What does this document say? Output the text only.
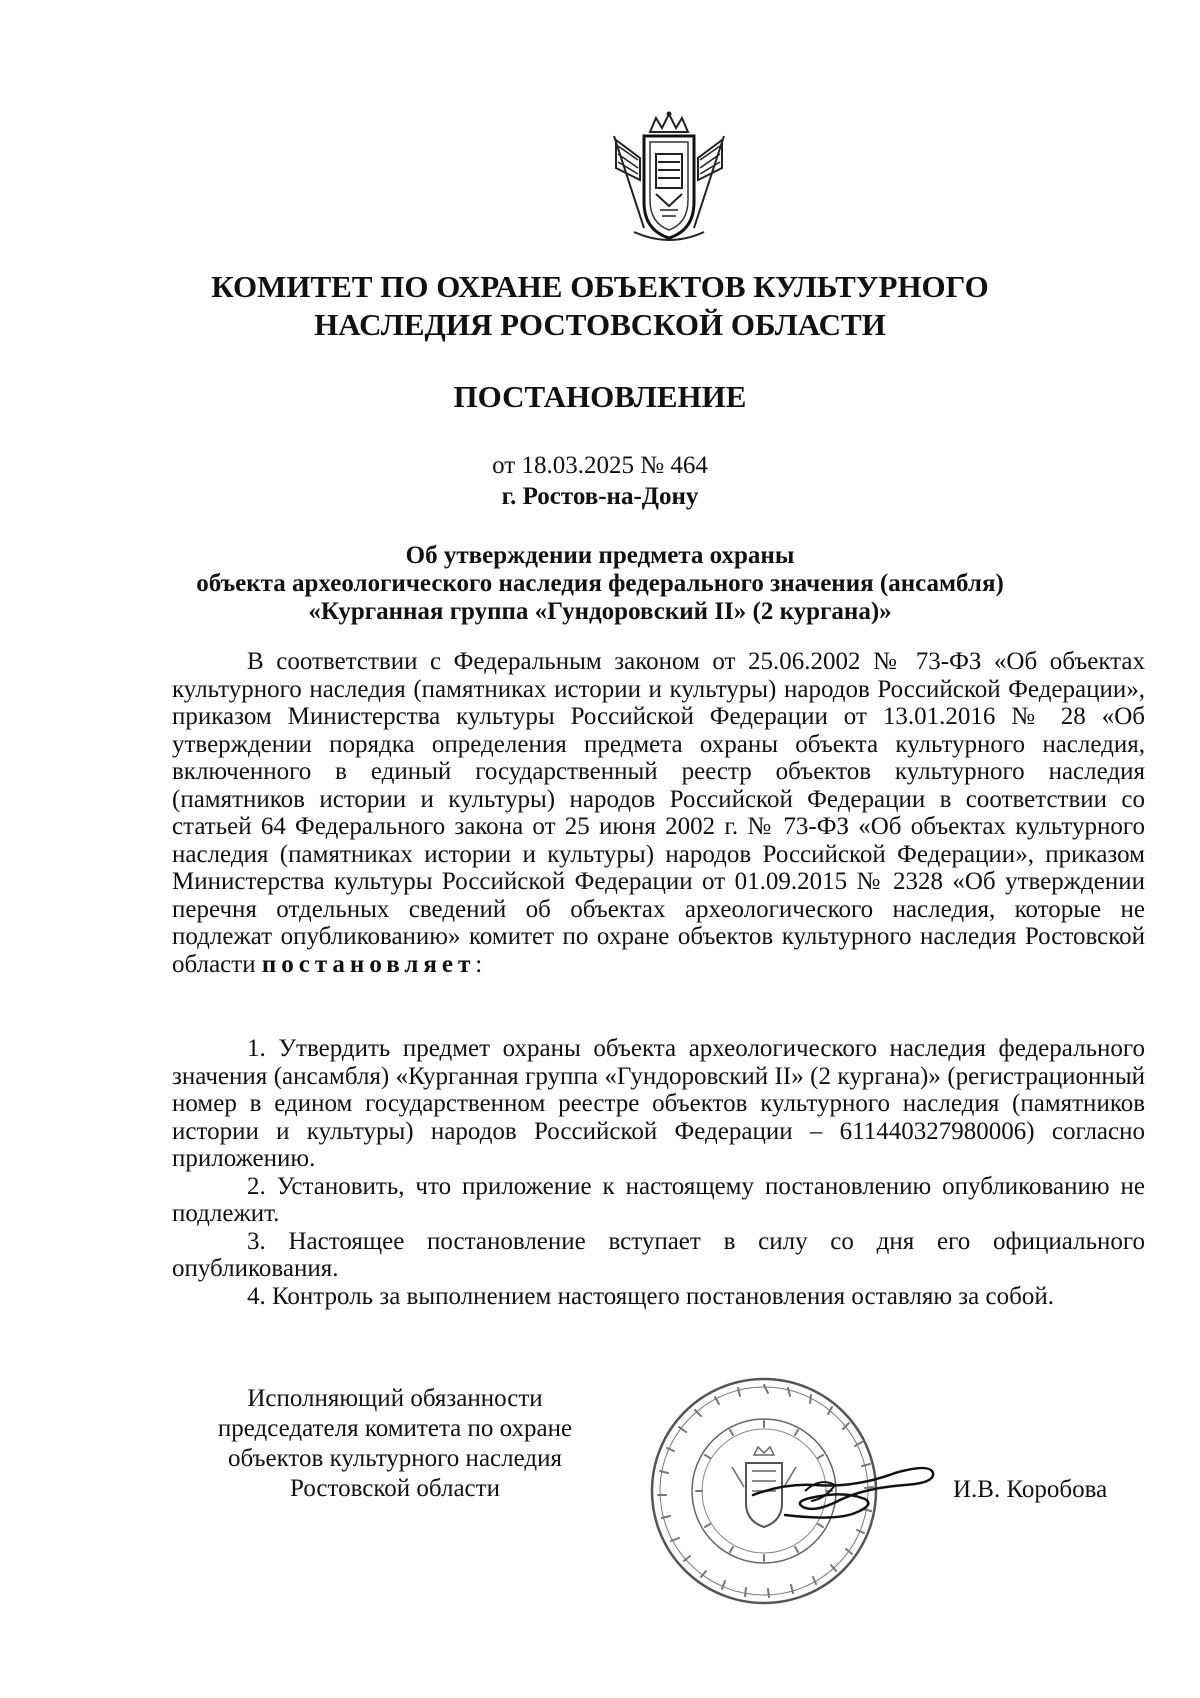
КОМИТЕТ ПО ОХРАНЕ ОБЪЕКТОВ КУЛЬТУРНОГО
НАСЛЕДИЯ РОСТОВСКОЙ ОБЛАСТИ
ПОСТАНОВЛЕНИЕ
от 18.03.2025 № 464
г. Ростов-на-Дону
Об утверждении предмета охраны
объекта археологического наследия федерального значения (ансамбля)
«Курганная группа «Гундоровский II» (2 кургана)»

В соответствии с Федеральным законом от 25.06.2002 № 73-ФЗ «Об объектах культурного наследия (памятниках истории и культуры) народов Российской Федерации», приказом Министерства культуры Российской Федерации от 13.01.2016 № 28 «Об утверждении порядка определения предмета охраны объекта культурного наследия, включенного в единый государственный реестр объектов культурного наследия (памятников истории и культуры) народов Российской Федерации в соответствии со статьей 64 Федерального закона от 25 июня 2002 г. № 73-ФЗ «Об объектах культурного наследия (памятниках истории и культуры) народов Российской Федерации», приказом Министерства культуры Российской Федерации от 01.09.2015 № 2328 «Об утверждении перечня отдельных сведений об объектах археологического наследия, которые не подлежат опубликованию» комитет по охране объектов культурного наследия Ростовской области постановляет:

1. Утвердить предмет охраны объекта археологического наследия федерального значения (ансамбля) «Курганная группа «Гундоровский II» (2 кургана)» (регистрационный номер в едином государственном реестре объектов культурного наследия (памятников истории и культуры) народов Российской Федерации – 611440327980006) согласно приложению.

2. Установить, что приложение к настоящему постановлению опубликованию не подлежит.

3. Настоящее постановление вступает в силу со дня его официального опубликования.

4. Контроль за выполнением настоящего постановления оставляю за собой.

Исполняющий обязанности
председателя комитета по охране
объектов культурного наследия
Ростовской области	И.В. Коробова
